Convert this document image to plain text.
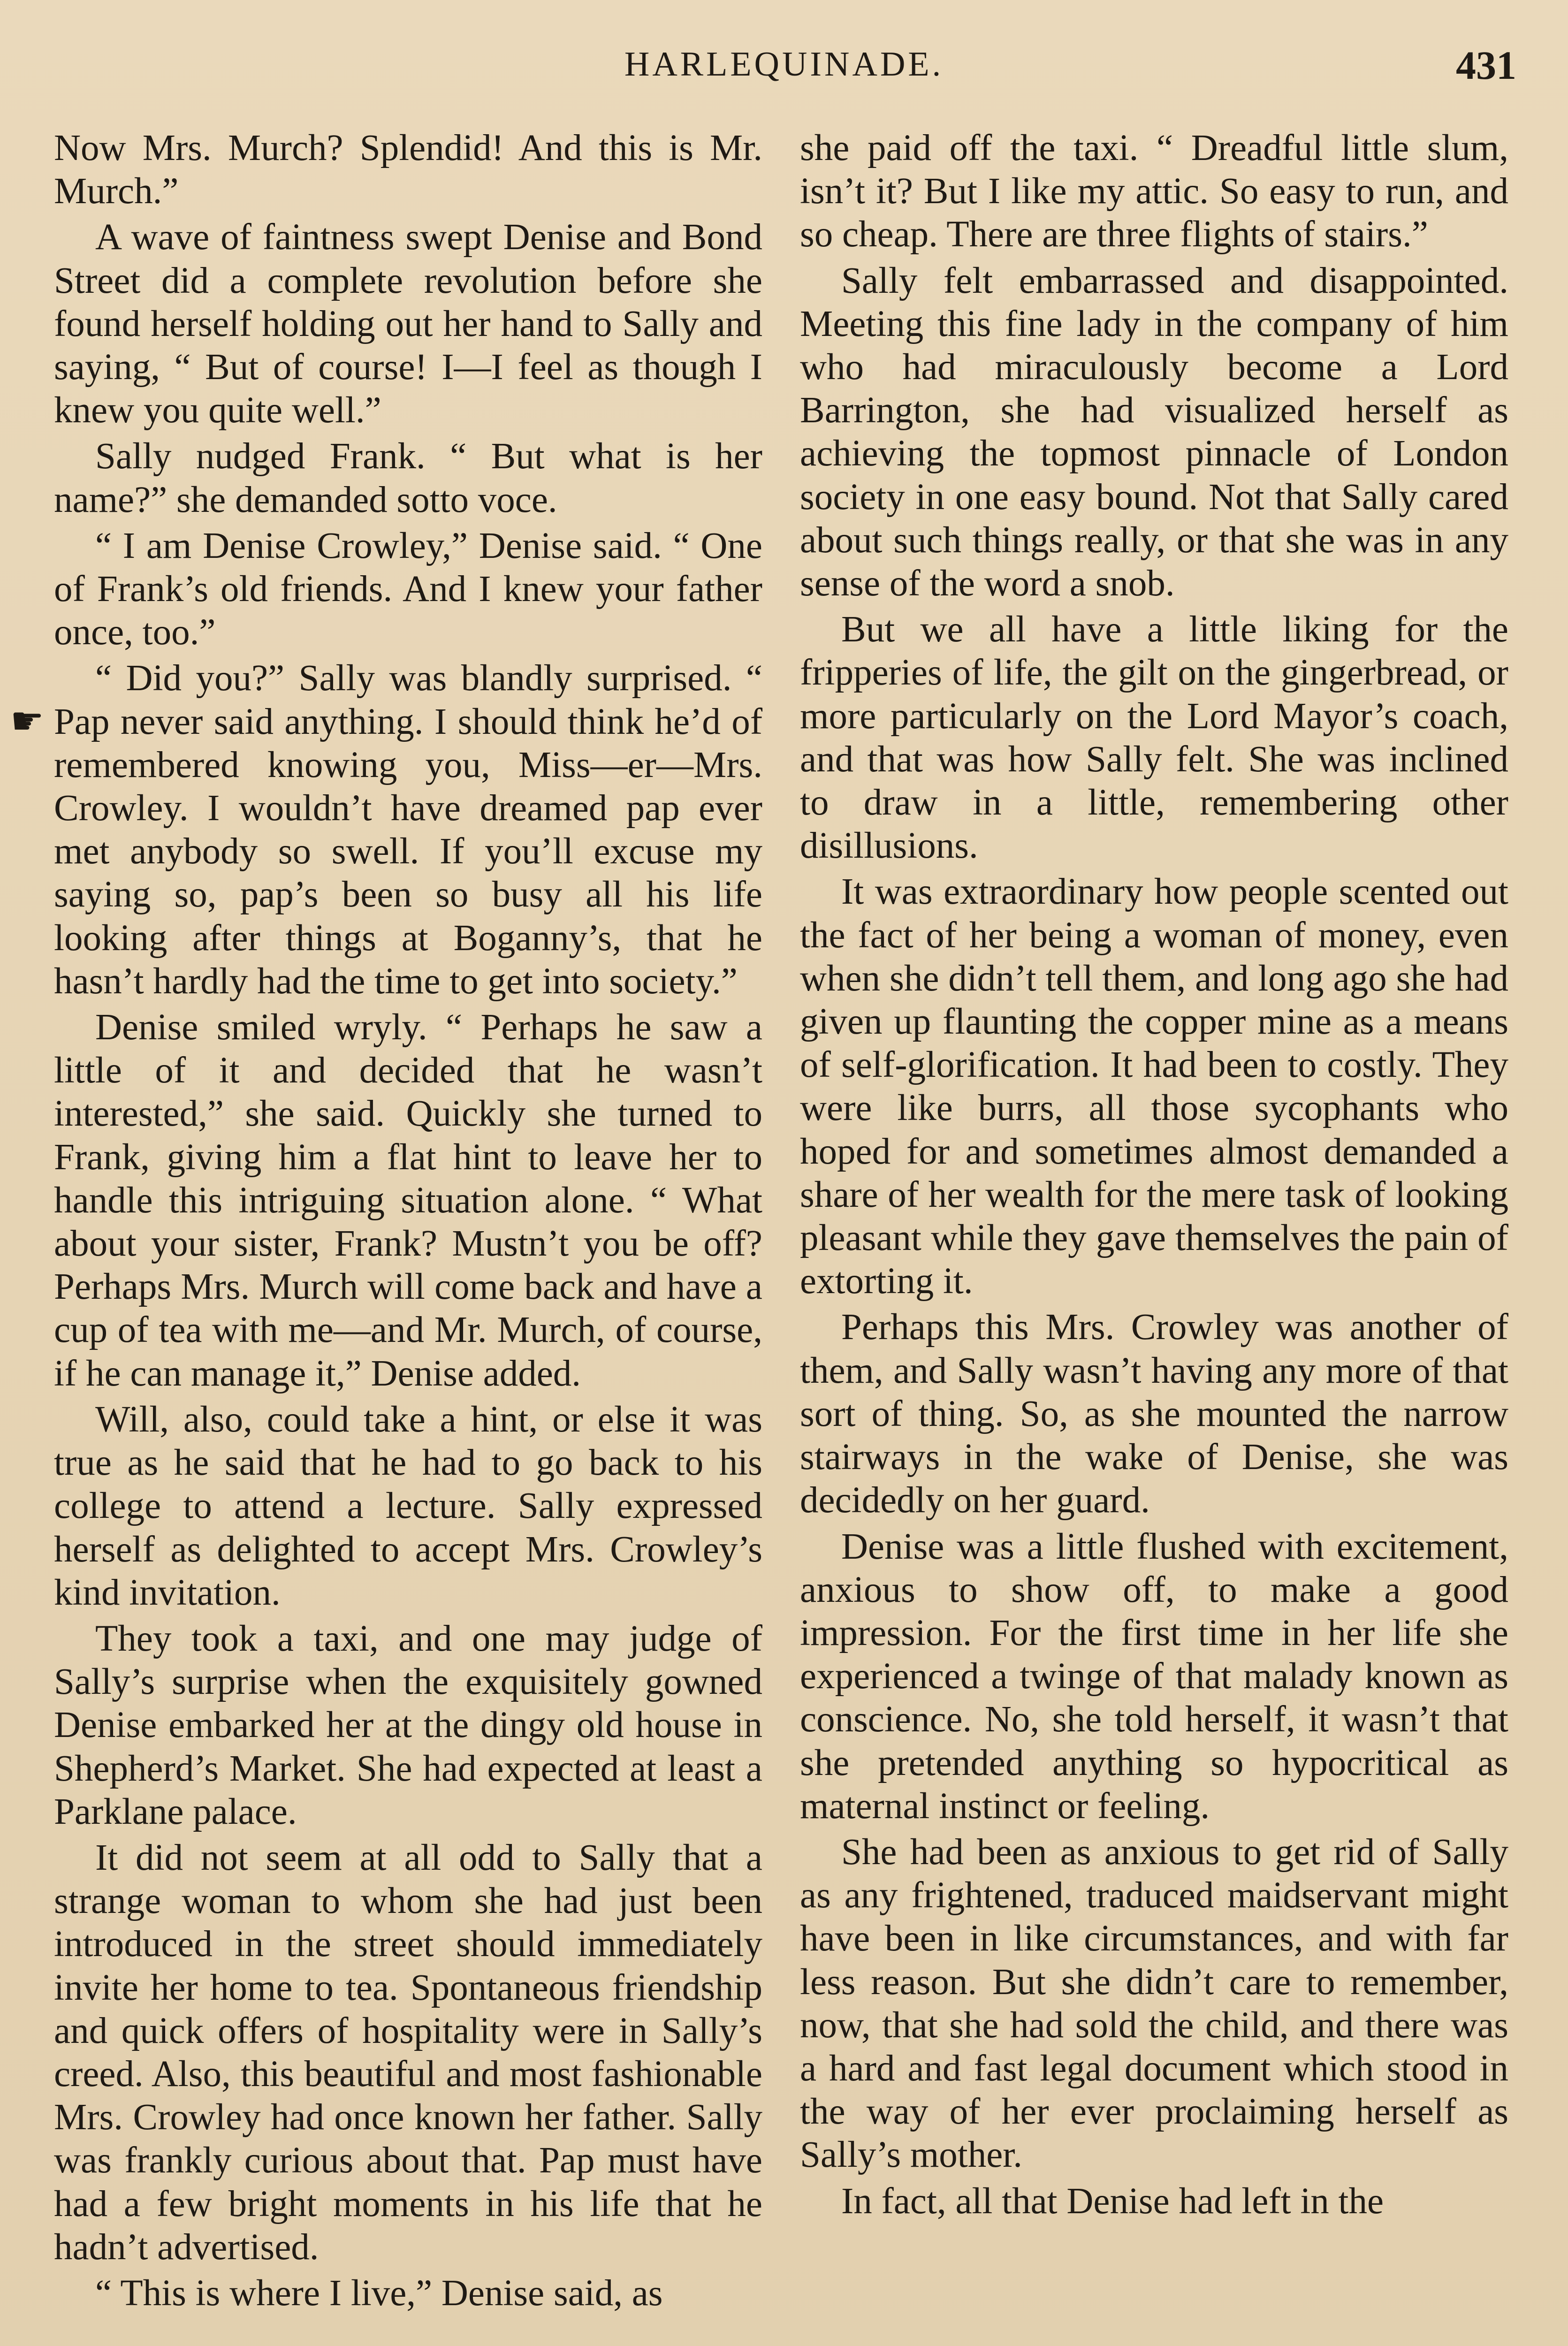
HARLEQUINADE.	431
☛

Now Mrs. Murch? Splendid! And this is Mr. Murch.”

A wave of faintness swept Denise and Bond Street did a complete revolution before she found herself holding out her hand to Sally and saying, “ But of course! I—I feel as though I knew you quite well.”

Sally nudged Frank. “ But what is her name?” she demanded sotto voce.

“ I am Denise Crowley,” Denise said. “ One of Frank’s old friends. And I knew your father once, too.”

“ Did you?” Sally was blandly surprised. “ Pap never said anything. I should think he’d of remembered knowing you, Miss—er—Mrs. Crowley. I wouldn’t have dreamed pap ever met anybody so swell. If you’ll excuse my saying so, pap’s been so busy all his life looking after things at Boganny’s, that he hasn’t hardly had the time to get into society.”

Denise smiled wryly. “ Perhaps he saw a little of it and decided that he wasn’t interested,” she said. Quickly she turned to Frank, giving him a flat hint to leave her to handle this intriguing situation alone. “ What about your sister, Frank? Mustn’t you be off? Perhaps Mrs. Murch will come back and have a cup of tea with me—and Mr. Murch, of course, if he can manage it,” Denise added.

Will, also, could take a hint, or else it was true as he said that he had to go back to his college to attend a lecture. Sally expressed herself as delighted to accept Mrs. Crowley’s kind invitation.

They took a taxi, and one may judge of Sally’s surprise when the exquisitely gowned Denise embarked her at the dingy old house in Shepherd’s Market. She had expected at least a Parklane palace.

It did not seem at all odd to Sally that a strange woman to whom she had just been introduced in the street should immediately invite her home to tea. Spontaneous friendship and quick offers of hospitality were in Sally’s creed. Also, this beautiful and most fashionable Mrs. Crowley had once known her father. Sally was frankly curious about that. Pap must have had a few bright moments in his life that he hadn’t advertised.

“ This is where I live,” Denise said, as

she paid off the taxi. “ Dreadful little slum, isn’t it? But I like my attic. So easy to run, and so cheap. There are three flights of stairs.”

Sally felt embarrassed and disappointed. Meeting this fine lady in the company of him who had miraculously become a Lord Barrington, she had visualized herself as achieving the topmost pinnacle of London society in one easy bound. Not that Sally cared about such things really, or that she was in any sense of the word a snob.

But we all have a little liking for the fripperies of life, the gilt on the gingerbread, or more particularly on the Lord Mayor’s coach, and that was how Sally felt. She was inclined to draw in a little, remembering other disillusions.

It was extraordinary how people scented out the fact of her being a woman of money, even when she didn’t tell them, and long ago she had given up flaunting the copper mine as a means of self-glorification. It had been to costly. They were like burrs, all those sycophants who hoped for and sometimes almost demanded a share of her wealth for the mere task of looking pleasant while they gave themselves the pain of extorting it.

Perhaps this Mrs. Crowley was another of them, and Sally wasn’t having any more of that sort of thing. So, as she mounted the narrow stairways in the wake of Denise, she was decidedly on her guard.

Denise was a little flushed with excitement, anxious to show off, to make a good impression. For the first time in her life she experienced a twinge of that malady known as conscience. No, she told herself, it wasn’t that she pretended anything so hypocritical as maternal instinct or feeling.

She had been as anxious to get rid of Sally as any frightened, traduced maidservant might have been in like circumstances, and with far less reason. But she didn’t care to remember, now, that she had sold the child, and there was a hard and fast legal document which stood in the way of her ever proclaiming herself as Sally’s mother.

In fact, all that Denise had left in the
